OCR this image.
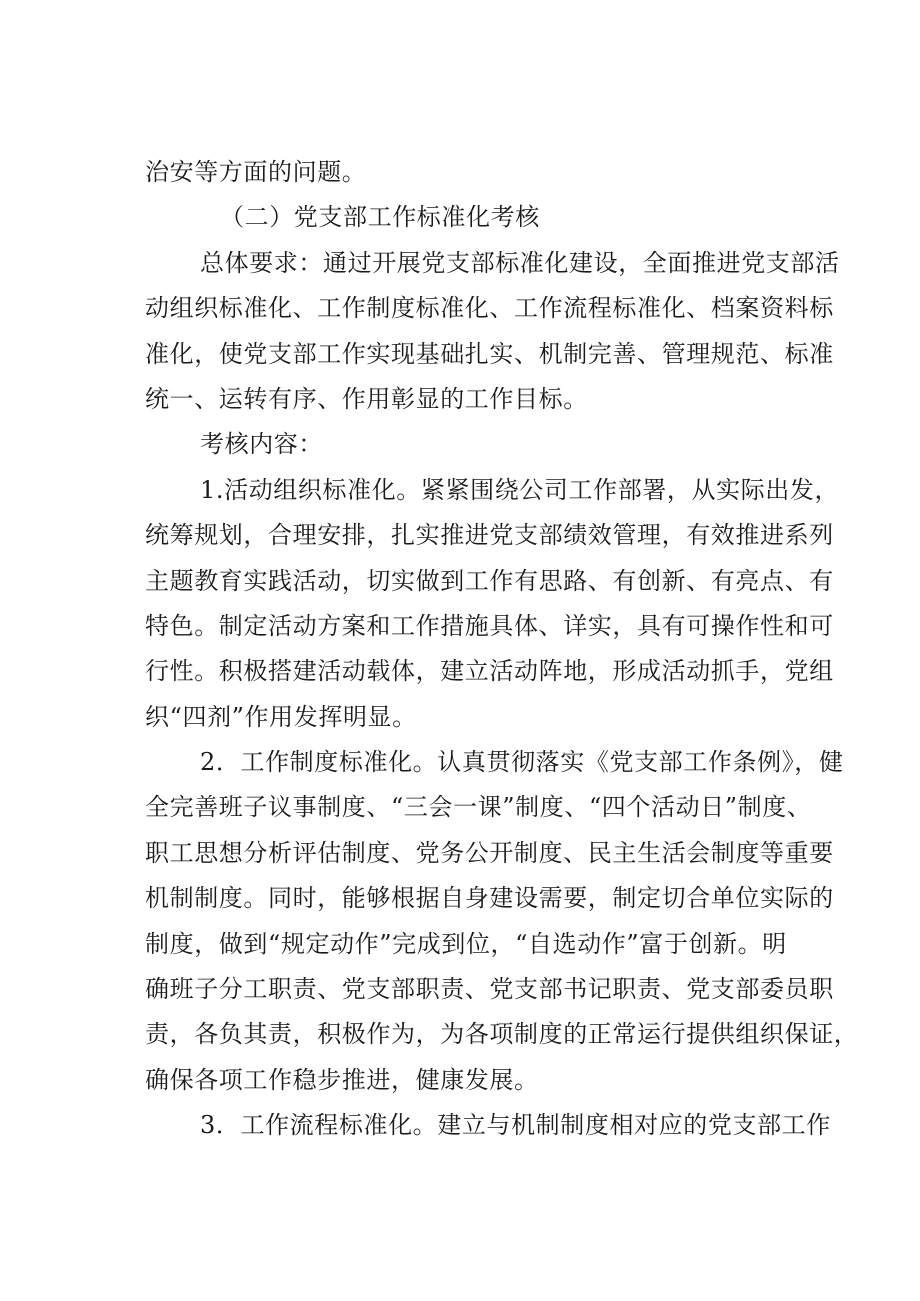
治安等方面的问题。
（二）党支部工作标准化考核
总体要求：通过开展党支部标准化建设，全面推进党支部活
动组织标准化、工作制度标准化、工作流程标准化、档案资料标
准化，使党支部工作实现基础扎实、机制完善、管理规范、标准
统一、运转有序、作用彰显的工作目标。
考核内容：
1.活动组织标准化。紧紧围绕公司工作部署，从实际出发，
统筹规划，合理安排，扎实推进党支部绩效管理，有效推进系列
主题教育实践活动，切实做到工作有思路、有创新、有亮点、有
特色。制定活动方案和工作措施具体、详实，具有可操作性和可
行性。积极搭建活动载体，建立活动阵地，形成活动抓手，党组
织“四剂”作用发挥明显。
2．工作制度标准化。认真贯彻落实《党支部工作条例》，健
全完善班子议事制度、“三会一课”制度、“四个活动日”制度、
职工思想分析评估制度、党务公开制度、民主生活会制度等重要
机制制度。同时，能够根据自身建设需要，制定切合单位实际的
制度，做到“规定动作”完成到位，“自选动作”富于创新。明
确班子分工职责、党支部职责、党支部书记职责、党支部委员职
责，各负其责，积极作为，为各项制度的正常运行提供组织保证，
确保各项工作稳步推进，健康发展。
3．工作流程标准化。建立与机制制度相对应的党支部工作
